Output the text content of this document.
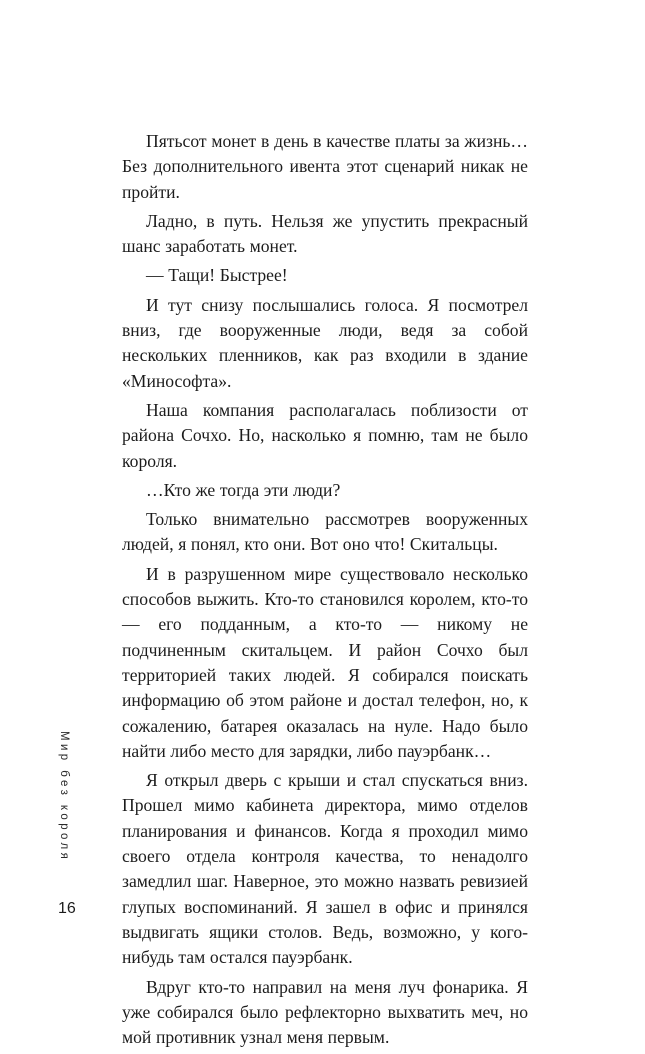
Пятьсот монет в день в качестве платы за жизнь… Без дополнительного ивента этот сценарий никак не пройти.

Ладно, в путь. Нельзя же упустить прекрасный шанс заработать монет.

— Тащи! Быстрее!

И тут снизу послышались голоса. Я посмотрел вниз, где вооруженные люди, ведя за собой нескольких пленников, как раз входили в здание «Минософта».

Наша компания располагалась поблизости от района Сочхо. Но, насколько я помню, там не было короля.

…Кто же тогда эти люди?

Только внимательно рассмотрев вооруженных людей, я понял, кто они. Вот оно что! Скитальцы.

И в разрушенном мире существовало несколько способов выжить. Кто-то становился королем, кто-то — его подданным, а кто-то — никому не подчиненным скитальцем. И район Сочхо был территорией таких людей. Я собирался поискать информацию об этом районе и достал телефон, но, к сожалению, батарея оказалась на нуле. Надо было найти либо место для зарядки, либо пауэрбанк…

Я открыл дверь с крыши и стал спускаться вниз. Прошел мимо кабинета директора, мимо отделов планирования и финансов. Когда я проходил мимо своего отдела контроля качества, то ненадолго замедлил шаг. Наверное, это можно назвать ревизией глупых воспоминаний. Я зашел в офис и принялся выдвигать ящики столов. Ведь, возможно, у кого-нибудь там остался пауэрбанк.

Вдруг кто-то направил на меня луч фонарика. Я уже собирался было рефлекторно выхватить меч, но мой противник узнал меня первым.

Мир без короля
16
